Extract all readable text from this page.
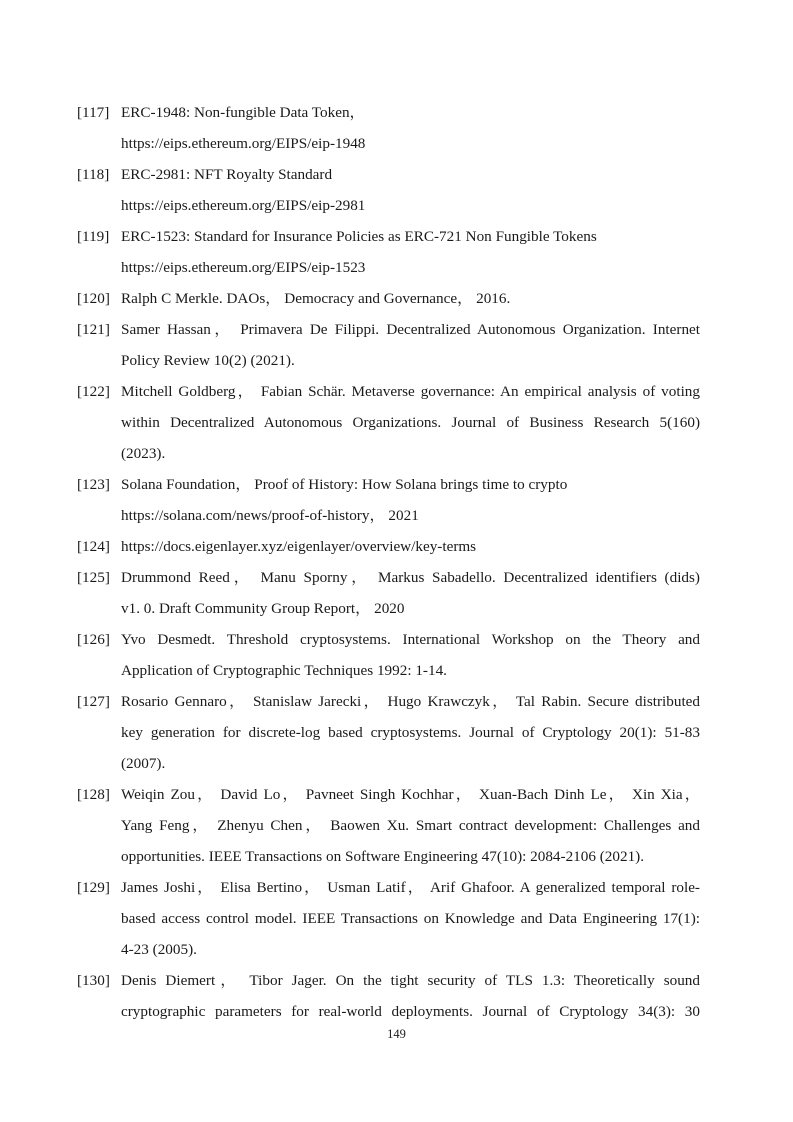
[117] ERC-1948: Non-fungible Data Token，
https://eips.ethereum.org/EIPS/eip-1948
[118] ERC-2981: NFT Royalty Standard
https://eips.ethereum.org/EIPS/eip-2981
[119] ERC-1523: Standard for Insurance Policies as ERC-721 Non Fungible Tokens
https://eips.ethereum.org/EIPS/eip-1523
[120] Ralph C Merkle. DAOs， Democracy and Governance， 2016.
[121] Samer Hassan， Primavera De Filippi. Decentralized Autonomous Organization. Internet
Policy Review 10(2) (2021).
[122] Mitchell Goldberg， Fabian Schär. Metaverse governance: An empirical analysis of voting
within Decentralized Autonomous Organizations. Journal of Business Research 5(160)
(2023).
[123] Solana Foundation， Proof of History: How Solana brings time to crypto
https://solana.com/news/proof-of-history， 2021
[124] https://docs.eigenlayer.xyz/eigenlayer/overview/key-terms
[125] Drummond Reed， Manu Sporny， Markus Sabadello. Decentralized identifiers (dids)
v1. 0. Draft Community Group Report， 2020
[126] Yvo Desmedt. Threshold cryptosystems. International Workshop on the Theory and
Application of Cryptographic Techniques 1992: 1-14.
[127] Rosario Gennaro， Stanislaw Jarecki， Hugo Krawczyk， Tal Rabin. Secure distributed
key generation for discrete-log based cryptosystems. Journal of Cryptology 20(1): 51-83
(2007).
[128] Weiqin Zou， David Lo， Pavneet Singh Kochhar， Xuan-Bach Dinh Le， Xin Xia，
Yang Feng， Zhenyu Chen， Baowen Xu. Smart contract development: Challenges and
opportunities. IEEE Transactions on Software Engineering 47(10): 2084-2106 (2021).
[129] James Joshi， Elisa Bertino， Usman Latif， Arif Ghafoor. A generalized temporal role-
based access control model. IEEE Transactions on Knowledge and Data Engineering 17(1):
4-23 (2005).
[130] Denis Diemert， Tibor Jager. On the tight security of TLS 1.3: Theoretically sound
cryptographic parameters for real-world deployments. Journal of Cryptology 34(3): 30
149
